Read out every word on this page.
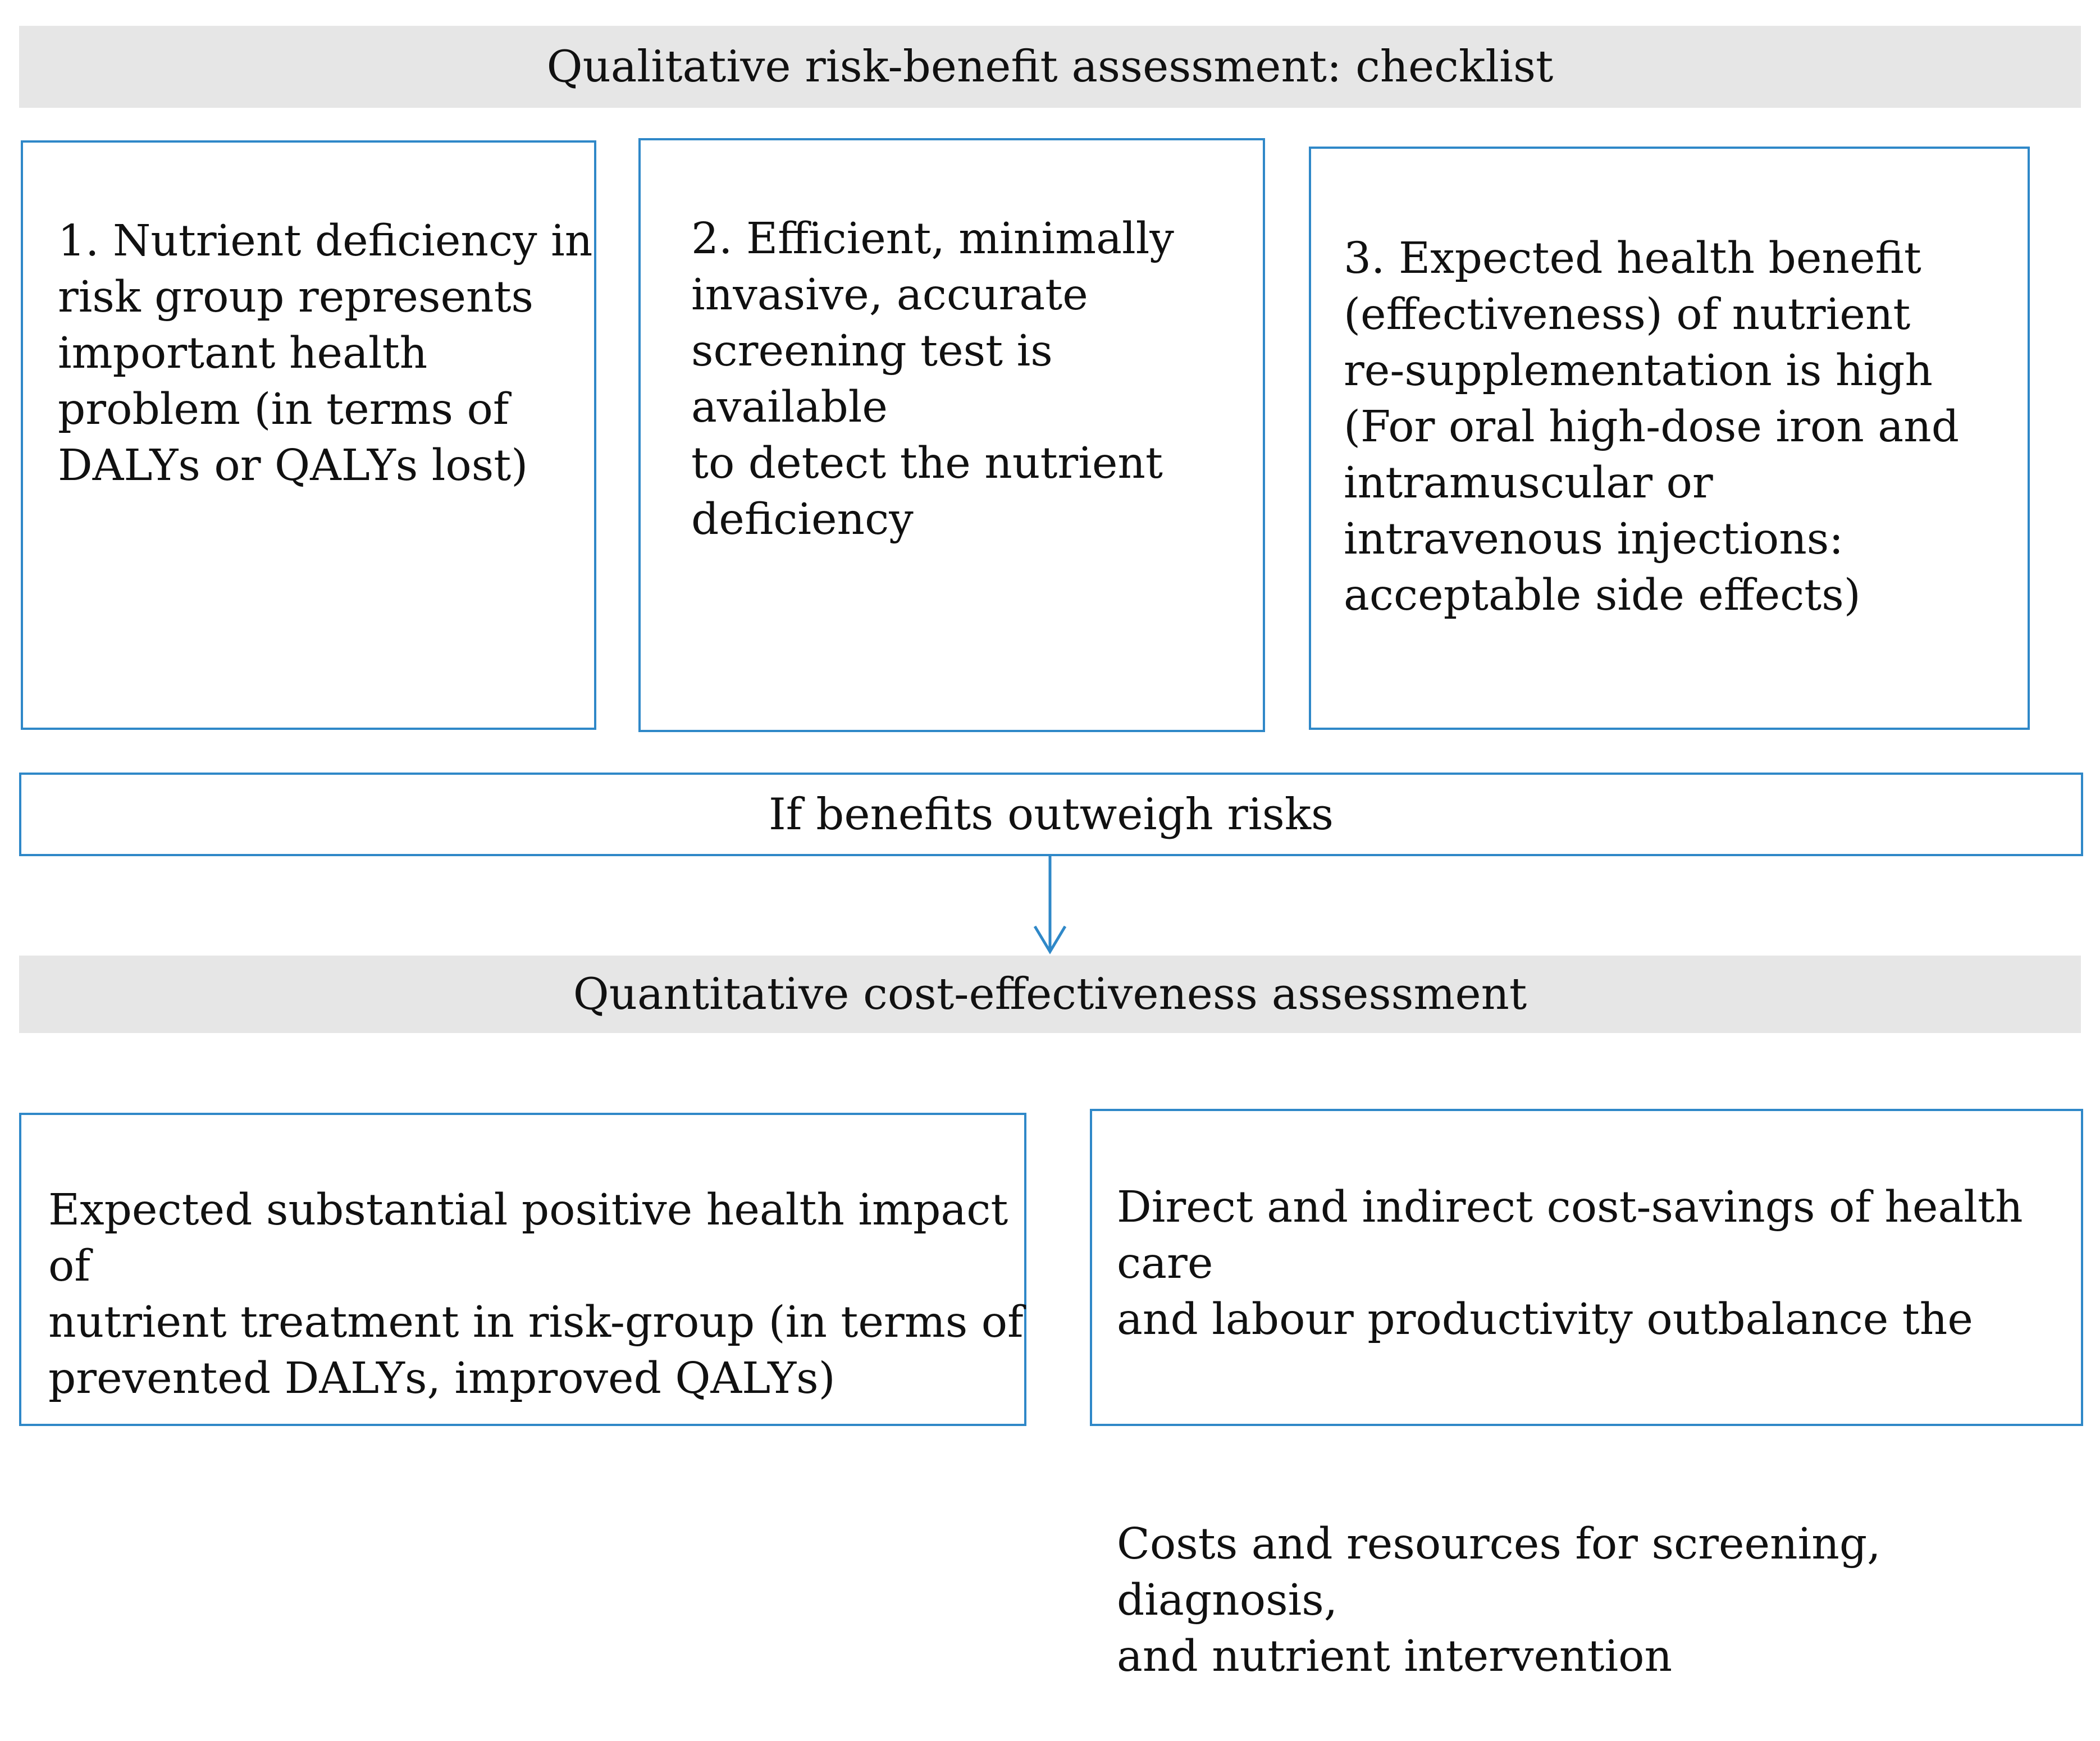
Qualitative risk-benefit assessment: checklist

1. Nutrient deficiency in
risk group represents
important health
problem (in terms of
DALYs or QALYs lost)

2. Efficient, minimally
invasive, accurate
screening test is available
to detect the nutrient
deficiency

3. Expected health benefit
(effectiveness) of nutrient
re-supplementation is high
(For oral high-dose iron and
intramuscular or
intravenous injections:
acceptable side effects)

If benefits outweigh risks
Quantitative cost-effectiveness assessment

Expected substantial positive health impact of
nutrient treatment in risk-group (in terms of
prevented DALYs, improved QALYs)

Direct and indirect cost-savings of health care
and labour productivity outbalance the

Costs and resources for screening, diagnosis,
and nutrient intervention
